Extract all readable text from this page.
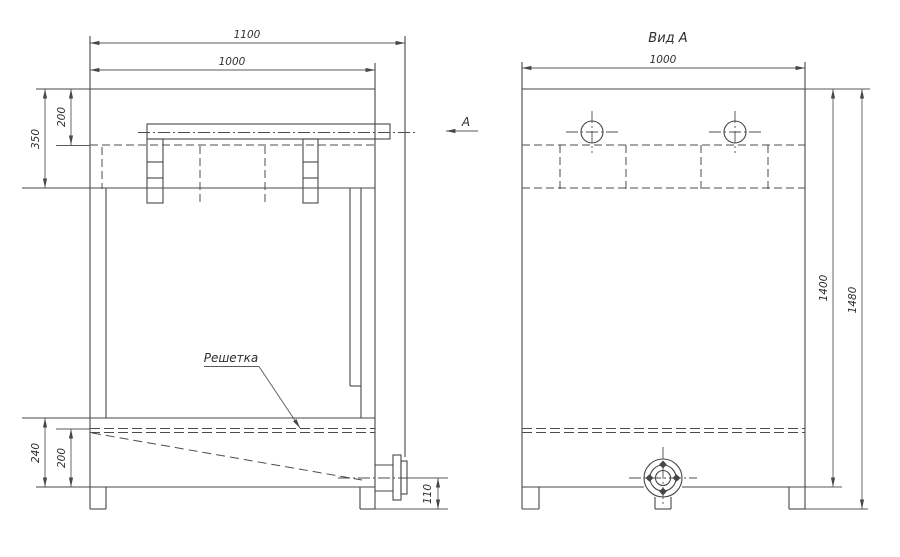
1100
1000
350
200
240 200
110
Решетка
А
Вид А
1000
1400 1480
